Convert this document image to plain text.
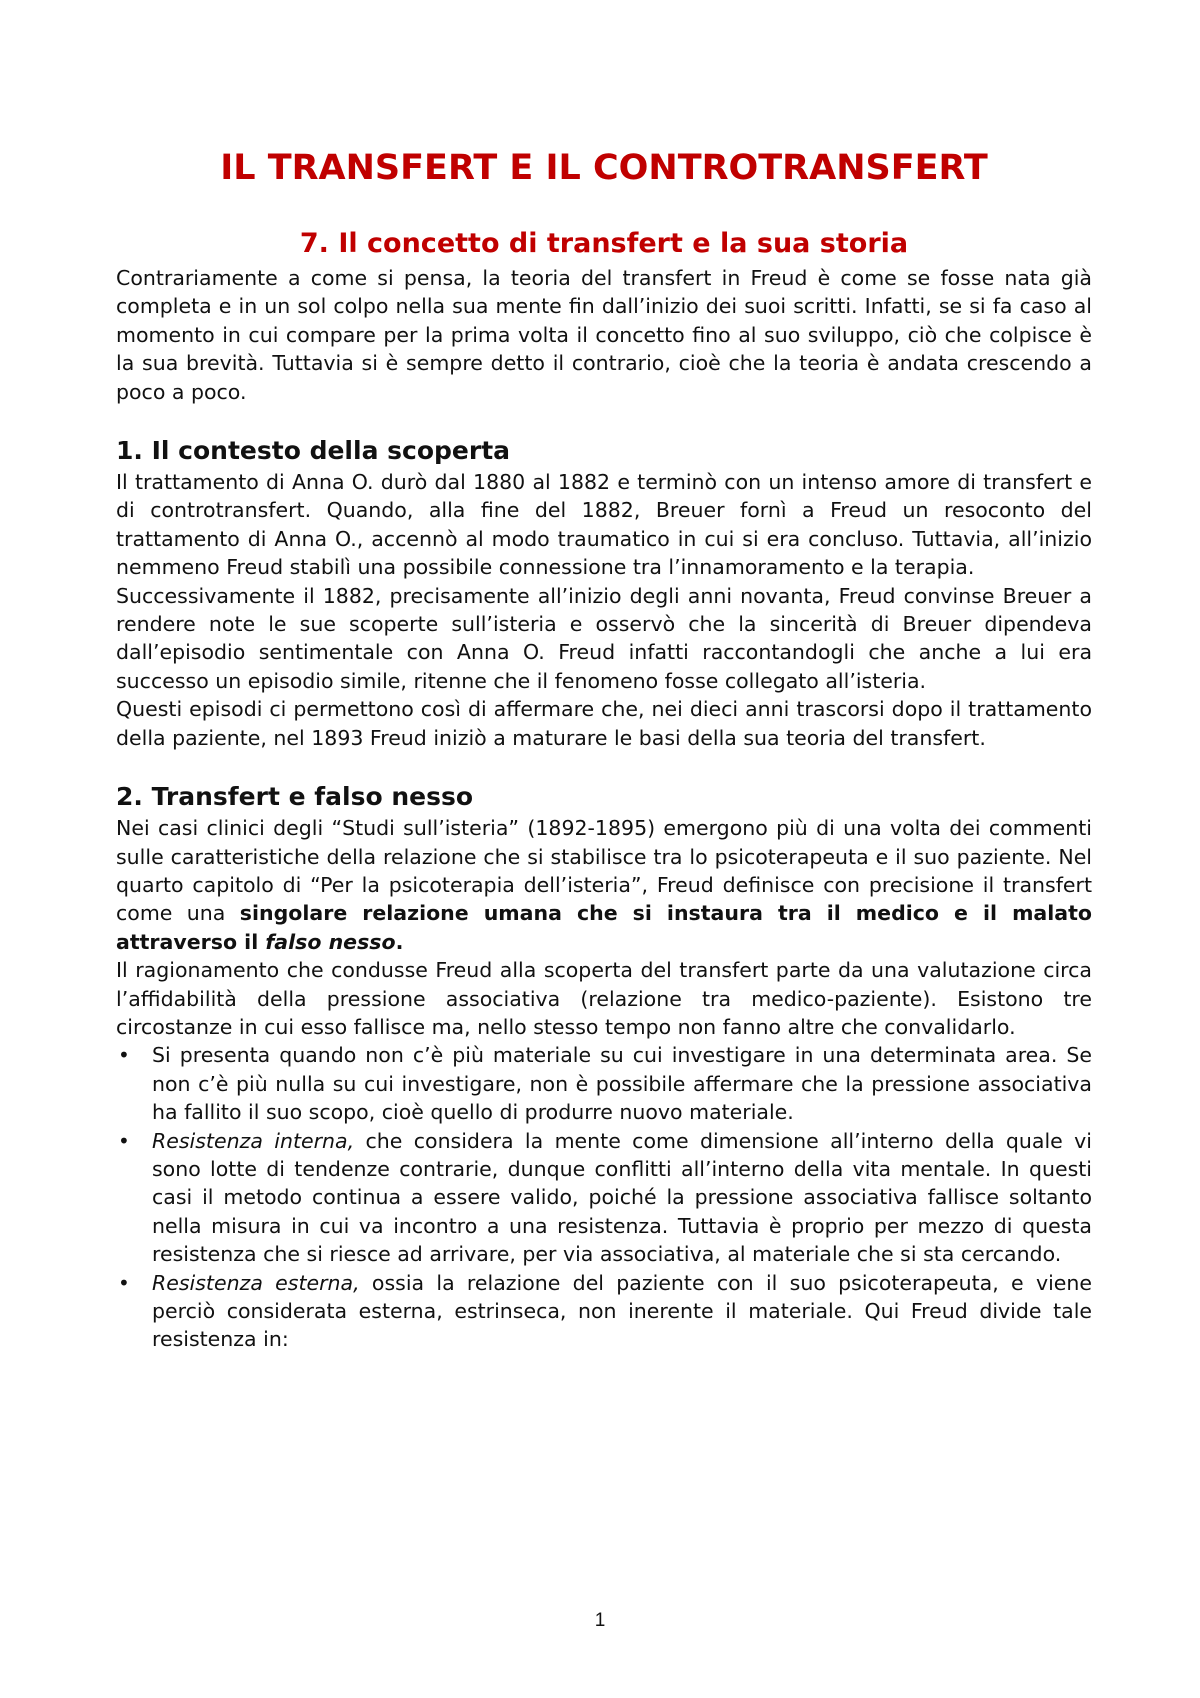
IL TRANSFERT E IL CONTROTRANSFERT
7. Il concetto di transfert e la sua storia

Contrariamente a come si pensa, la teoria del transfert in Freud è come se fosse nata già completa e in un sol colpo nella sua mente fin dall’inizio dei suoi scritti. Infatti, se si fa caso al momento in cui compare per la prima volta il concetto fino al suo sviluppo, ciò che colpisce è la sua brevità. Tuttavia si è sempre detto il contrario, cioè che la teoria è andata crescendo a poco a poco.

1. Il contesto della scoperta

Il trattamento di Anna O. durò dal 1880 al 1882 e terminò con un intenso amore di transfert e di controtransfert. Quando, alla fine del 1882, Breuer fornì a Freud un resoconto del trattamento di Anna O., accennò al modo traumatico in cui si era concluso. Tuttavia, all’inizio nemmeno Freud stabilì una possibile connessione tra l’innamoramento e la terapia.

Successivamente il 1882, precisamente all’inizio degli anni novanta, Freud convinse Breuer a rendere note le sue scoperte sull’isteria e osservò che la sincerità di Breuer dipendeva dall’episodio sentimentale con Anna O. Freud infatti raccontandogli che anche a lui era successo un episodio simile, ritenne che il fenomeno fosse collegato all’isteria.

Questi episodi ci permettono così di affermare che, nei dieci anni trascorsi dopo il trattamento della paziente, nel 1893 Freud iniziò a maturare le basi della sua teoria del transfert.

2. Transfert e falso nesso

Nei casi clinici degli “Studi sull’isteria” (1892-1895) emergono più di una volta dei commenti sulle caratteristiche della relazione che si stabilisce tra lo psicoterapeuta e il suo paziente. Nel quarto capitolo di “Per la psicoterapia dell’isteria”, Freud definisce con precisione il transfert come una singolare relazione umana che si instaura tra il medico e il malato attraverso il falso nesso.

Il ragionamento che condusse Freud alla scoperta del transfert parte da una valutazione circa l’affidabilità della pressione associativa (relazione tra medico-paziente). Esistono tre circostanze in cui esso fallisce ma, nello stesso tempo non fanno altre che convalidarlo.

• Si presenta quando non c’è più materiale su cui investigare in una determinata area. Se non c’è più nulla su cui investigare, non è possibile affermare che la pressione associativa ha fallito il suo scopo, cioè quello di produrre nuovo materiale.

• Resistenza interna, che considera la mente come dimensione all’interno della quale vi sono lotte di tendenze contrarie, dunque conflitti all’interno della vita mentale. In questi casi il metodo continua a essere valido, poiché la pressione associativa fallisce soltanto nella misura in cui va incontro a una resistenza. Tuttavia è proprio per mezzo di questa resistenza che si riesce ad arrivare, per via associativa, al materiale che si sta cercando.

• Resistenza esterna, ossia la relazione del paziente con il suo psicoterapeuta, e viene perciò considerata esterna, estrinseca, non inerente il materiale. Qui Freud divide tale resistenza in:

1
